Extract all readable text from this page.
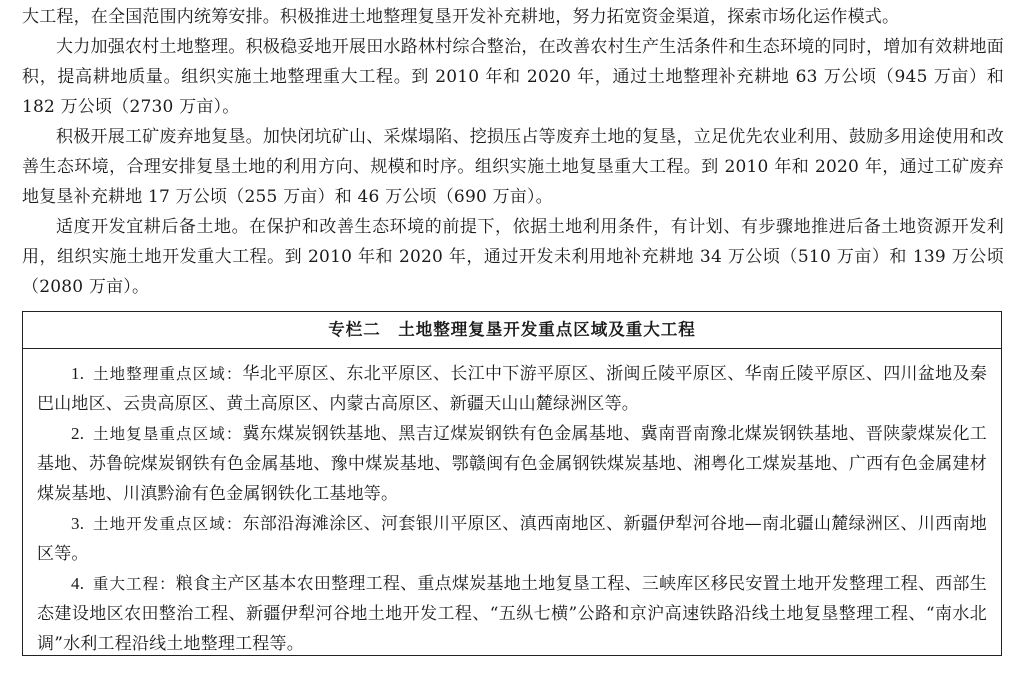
大工程，在全国范围内统筹安排。积极推进土地整理复垦开发补充耕地，努力拓宽资金渠道，探索市场化运作模式。

大力加强农村土地整理。积极稳妥地开展田水路林村综合整治，在改善农村生产生活条件和生态环境的同时，增加有效耕地面积，提高耕地质量。组织实施土地整理重大工程。到 2010 年和 2020 年，通过土地整理补充耕地 63 万公顷（945 万亩）和 182 万公顷（2730 万亩）。

积极开展工矿废弃地复垦。加快闭坑矿山、采煤塌陷、挖损压占等废弃土地的复垦，立足优先农业利用、鼓励多用途使用和改善生态环境，合理安排复垦土地的利用方向、规模和时序。组织实施土地复垦重大工程。到 2010 年和 2020 年，通过工矿废弃地复垦补充耕地 17 万公顷（255 万亩）和 46 万公顷（690 万亩）。

适度开发宜耕后备土地。在保护和改善生态环境的前提下，依据土地利用条件，有计划、有步骤地推进后备土地资源开发利用，组织实施土地开发重大工程。到 2010 年和 2020 年，通过开发未利用地补充耕地 34 万公顷（510 万亩）和 139 万公顷（2080 万亩）。

专栏二　土地整理复垦开发重点区域及重大工程

1.  土地整理重点区域：华北平原区、东北平原区、长江中下游平原区、浙闽丘陵平原区、华南丘陵平原区、四川盆地及秦巴山地区、云贵高原区、黄土高原区、内蒙古高原区、新疆天山山麓绿洲区等。

2.  土地复垦重点区域：冀东煤炭钢铁基地、黑吉辽煤炭钢铁有色金属基地、冀南晋南豫北煤炭钢铁基地、晋陕蒙煤炭化工基地、苏鲁皖煤炭钢铁有色金属基地、豫中煤炭基地、鄂赣闽有色金属钢铁煤炭基地、湘粤化工煤炭基地、广西有色金属建材煤炭基地、川滇黔渝有色金属钢铁化工基地等。

3.  土地开发重点区域：东部沿海滩涂区、河套银川平原区、滇西南地区、新疆伊犁河谷地—南北疆山麓绿洲区、川西南地区等。

4.  重大工程：粮食主产区基本农田整理工程、重点煤炭基地土地复垦工程、三峡库区移民安置土地开发整理工程、西部生态建设地区农田整治工程、新疆伊犁河谷地土地开发工程、“五纵七横”公路和京沪高速铁路沿线土地复垦整理工程、“南水北调”水利工程沿线土地整理工程等。
